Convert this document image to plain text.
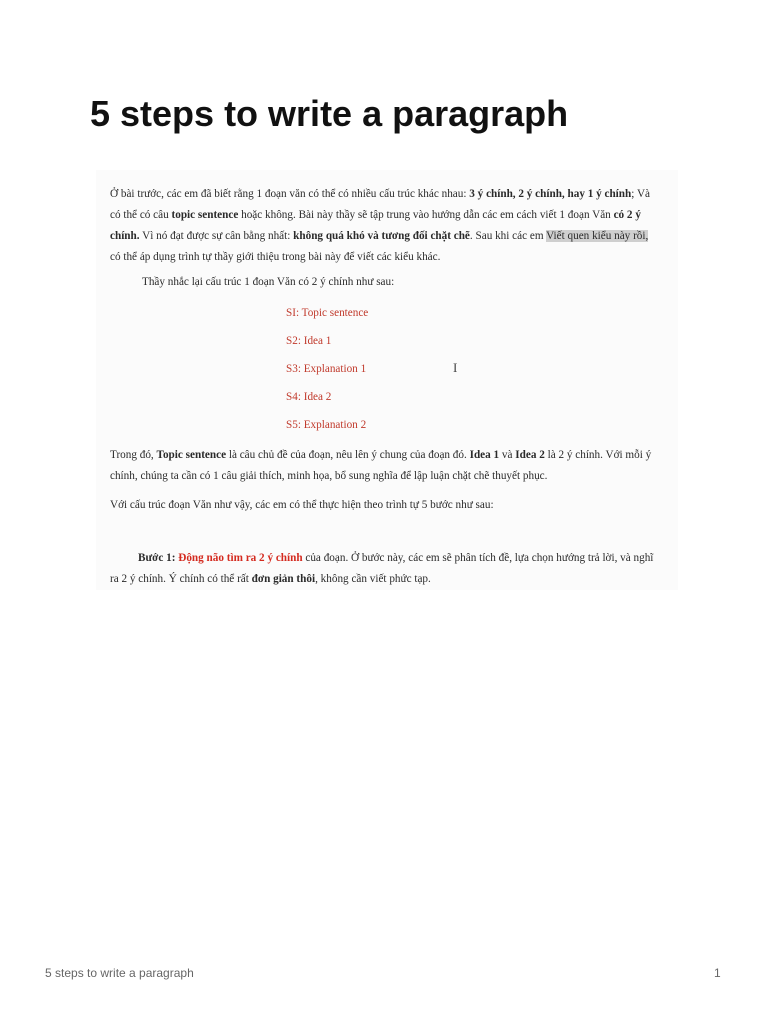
5 steps to write a paragraph

Ở bài trước, các em đã biết rằng 1 đoạn văn có thể có nhiều cấu trúc khác nhau: 3 ý chính, 2 ý chính, hay 1 ý chính; Và có thể có câu topic sentence hoặc không. Bài này thầy sẽ tập trung vào hướng dẫn các em cách viết 1 đoạn Văn có 2 ý chính. Vì nó đạt được sự cân bằng nhất: không quá khó và tương đối chặt chẽ. Sau khi các em Viết quen kiểu này rồi, có thể áp dụng trình tự thầy giới thiệu trong bài này để viết các kiểu khác.

Thầy nhắc lại cấu trúc 1 đoạn Văn có 2 ý chính như sau:

SI: Topic sentence
S2: Idea 1
S3: Explanation 1
S4: Idea 2
S5: Explanation 2

Trong đó, Topic sentence là câu chủ đề của đoạn, nêu lên ý chung của đoạn đó. Idea 1 và Idea 2 là 2 ý chính. Với mỗi ý chính, chúng ta cần có 1 câu giải thích, minh họa, bổ sung nghĩa để lập luận chặt chẽ thuyết phục.

Với cấu trúc đoạn Văn như vậy, các em có thể thực hiện theo trình tự 5 bước như sau:

Bước 1: Động não tìm ra 2 ý chính của đoạn. Ở bước này, các em sẽ phân tích đề, lựa chọn hướng trả lời, và nghĩ ra 2 ý chính. Ý chính có thể rất đơn giản thôi, không cần viết phức tạp.

I
5 steps to write a paragraph	1
